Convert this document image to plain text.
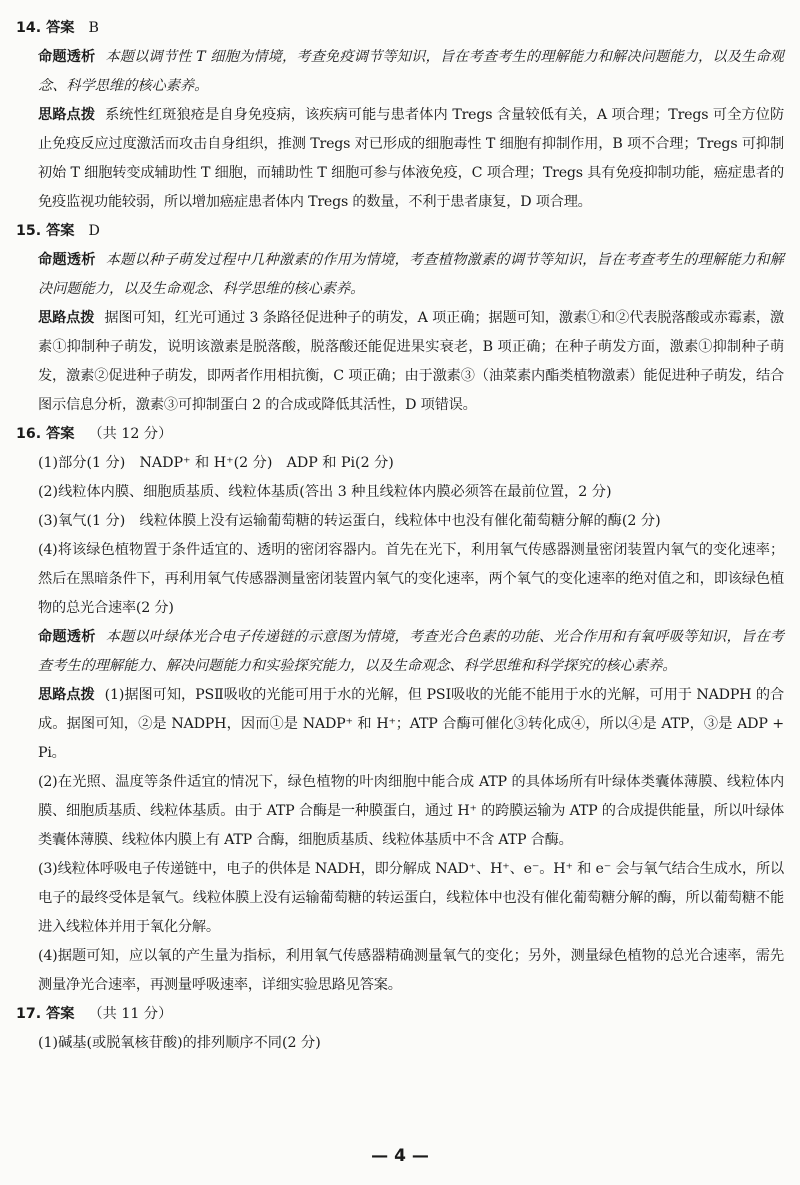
14. 答案 B

命题透析 本题以调节性 T 细胞为情境，考查免疫调节等知识，旨在考查考生的理解能力和解决问题能力，以及生命观念、科学思维的核心素养。

思路点拨 系统性红斑狼疮是自身免疫病，该疾病可能与患者体内 Tregs 含量较低有关，A 项合理；Tregs 可全方位防止免疫反应过度激活而攻击自身组织，推测 Tregs 对已形成的细胞毒性 T 细胞有抑制作用，B 项不合理；Tregs 可抑制初始 T 细胞转变成辅助性 T 细胞，而辅助性 T 细胞可参与体液免疫，C 项合理；Tregs 具有免疫抑制功能，癌症患者的免疫监视功能较弱，所以增加癌症患者体内 Tregs 的数量，不利于患者康复，D 项合理。

15. 答案 D

命题透析 本题以种子萌发过程中几种激素的作用为情境，考查植物激素的调节等知识，旨在考查考生的理解能力和解决问题能力，以及生命观念、科学思维的核心素养。

思路点拨 据图可知，红光可通过 3 条路径促进种子的萌发，A 项正确；据题可知，激素①和②代表脱落酸或赤霉素，激素①抑制种子萌发，说明该激素是脱落酸，脱落酸还能促进果实衰老，B 项正确；在种子萌发方面，激素①抑制种子萌发，激素②促进种子萌发，即两者作用相抗衡，C 项正确；由于激素③（油菜素内酯类植物激素）能促进种子萌发，结合图示信息分析，激素③可抑制蛋白 2 的合成或降低其活性，D 项错误。

16. 答案 （共 12 分）

(1)部分(1 分)　NADP⁺ 和 H⁺(2 分)　ADP 和 Pi(2 分)

(2)线粒体内膜、细胞质基质、线粒体基质(答出 3 种且线粒体内膜必须答在最前位置，2 分)

(3)氧气(1 分)　线粒体膜上没有运输葡萄糖的转运蛋白，线粒体中也没有催化葡萄糖分解的酶(2 分)

(4)将该绿色植物置于条件适宜的、透明的密闭容器内。首先在光下，利用氧气传感器测量密闭装置内氧气的变化速率；然后在黑暗条件下，再利用氧气传感器测量密闭装置内氧气的变化速率，两个氧气的变化速率的绝对值之和，即该绿色植物的总光合速率(2 分)

命题透析 本题以叶绿体光合电子传递链的示意图为情境，考查光合色素的功能、光合作用和有氧呼吸等知识，旨在考查考生的理解能力、解决问题能力和实验探究能力，以及生命观念、科学思维和科学探究的核心素养。

思路点拨 (1)据图可知，PSⅡ吸收的光能可用于水的光解，但 PSⅠ吸收的光能不能用于水的光解，可用于 NADPH 的合成。据图可知，②是 NADPH，因而①是 NADP⁺ 和 H⁺；ATP 合酶可催化③转化成④，所以④是 ATP，③是 ADP + Pi。

(2)在光照、温度等条件适宜的情况下，绿色植物的叶肉细胞中能合成 ATP 的具体场所有叶绿体类囊体薄膜、线粒体内膜、细胞质基质、线粒体基质。由于 ATP 合酶是一种膜蛋白，通过 H⁺ 的跨膜运输为 ATP 的合成提供能量，所以叶绿体类囊体薄膜、线粒体内膜上有 ATP 合酶，细胞质基质、线粒体基质中不含 ATP 合酶。

(3)线粒体呼吸电子传递链中，电子的供体是 NADH，即分解成 NAD⁺、H⁺、e⁻。H⁺ 和 e⁻ 会与氧气结合生成水，所以电子的最终受体是氧气。线粒体膜上没有运输葡萄糖的转运蛋白，线粒体中也没有催化葡萄糖分解的酶，所以葡萄糖不能进入线粒体并用于氧化分解。

(4)据题可知，应以氧的产生量为指标，利用氧气传感器精确测量氧气的变化；另外，测量绿色植物的总光合速率，需先测量净光合速率，再测量呼吸速率，详细实验思路见答案。

17. 答案 （共 11 分）

(1)碱基(或脱氧核苷酸)的排列顺序不同(2 分)

— 4 —
